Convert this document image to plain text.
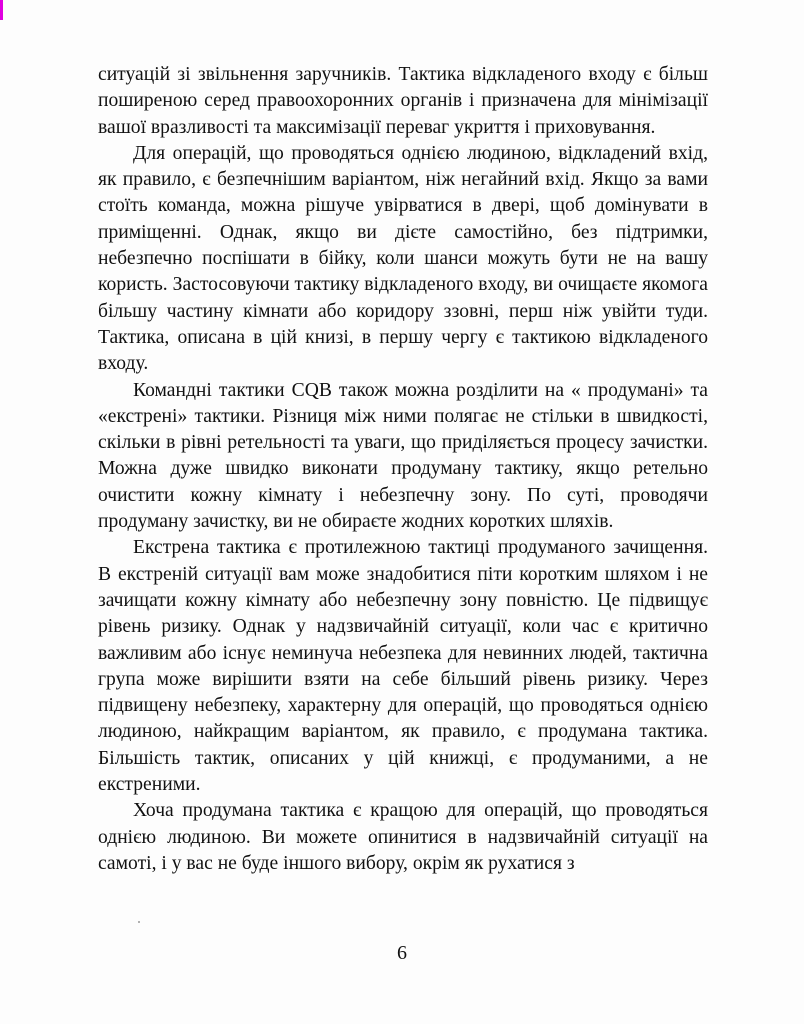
ситуацій зі звільнення заручників. Тактика відкладеного входу є більш поширеною серед правоохоронних органів і призначена для мінімізації вашої вразливості та максимізації переваг укриття і приховування.

Для операцій, що проводяться однією людиною, відкладений вхід, як правило, є безпечнішим варіантом, ніж негайний вхід. Якщо за вами стоїть команда, можна рішуче увірватися в двері, щоб домінувати в приміщенні. Однак, якщо ви дієте самостійно, без підтримки, небезпечно поспішати в бійку, коли шанси можуть бути не на вашу користь. Застосовуючи тактику відкладеного входу, ви очищаєте якомога більшу частину кімнати або коридору ззовні, перш ніж увійти туди. Тактика, описана в цій книзі, в першу чергу є тактикою відкладеного входу.

Командні тактики CQB також можна розділити на « продумані» та «екстрені» тактики. Різниця між ними полягає не стільки в швидкості, скільки в рівні ретельності та уваги, що приділяється процесу зачистки. Можна дуже швидко виконати продуману тактику, якщо ретельно очистити кожну кімнату і небезпечну зону. По суті, проводячи продуману зачистку, ви не обираєте жодних коротких шляхів.

Екстрена тактика є протилежною тактиці продуманого зачищення. В екстреній ситуації вам може знадобитися піти коротким шляхом і не зачищати кожну кімнату або небезпечну зону повністю. Це підвищує рівень ризику. Однак у надзвичайній ситуації, коли час є критично важливим або існує неминуча небезпека для невинних людей, тактична група може вирішити взяти на себе більший рівень ризику. Через підвищену небезпеку, характерну для операцій, що проводяться однією людиною, найкращим варіантом, як правило, є продумана тактика. Більшість тактик, описаних у цій книжці, є продуманими, а не екстреними.

Хоча продумана тактика є кращою для операцій, що проводяться однією людиною. Ви можете опинитися в надзвичайній ситуації на самоті, і у вас не буде іншого вибору, окрім як рухатися з

6
